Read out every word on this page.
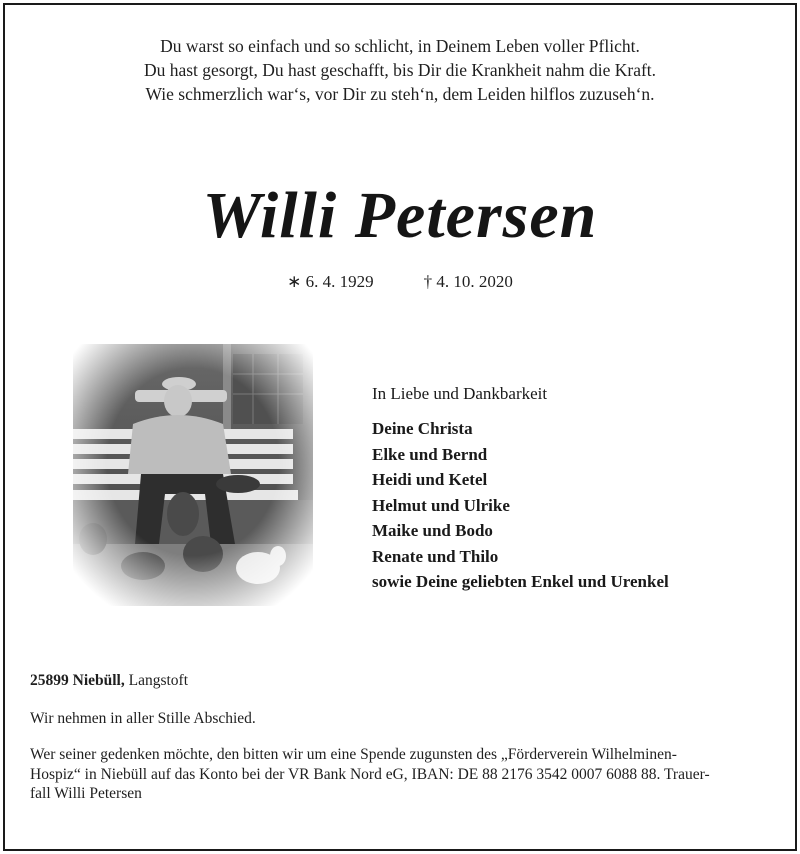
Du warst so einfach und so schlicht, in Deinem Leben voller Pflicht.
Du hast gesorgt, Du hast geschafft, bis Dir die Krankheit nahm die Kraft.
Wie schmerzlich war‘s, vor Dir zu steh‘n, dem Leiden hilflos zuzuseh‘n.
Willi Petersen
∗ 6. 4. 1929	† 4. 10. 2020
In Liebe und Dankbarkeit
Deine Christa
Elke und Bernd
Heidi und Ketel
Helmut und Ulrike
Maike und Bodo
Renate und Thilo
sowie Deine geliebten Enkel und Urenkel
25899 Niebüll, Langstoft
Wir nehmen in aller Stille Abschied.
Wer seiner gedenken möchte, den bitten wir um eine Spende zugunsten des „Förderverein Wilhelminen-
Hospiz“ in Niebüll auf das Konto bei der VR Bank Nord eG, IBAN: DE 88 2176 3542 0007 6088 88. Trauer-
fall Willi Petersen
